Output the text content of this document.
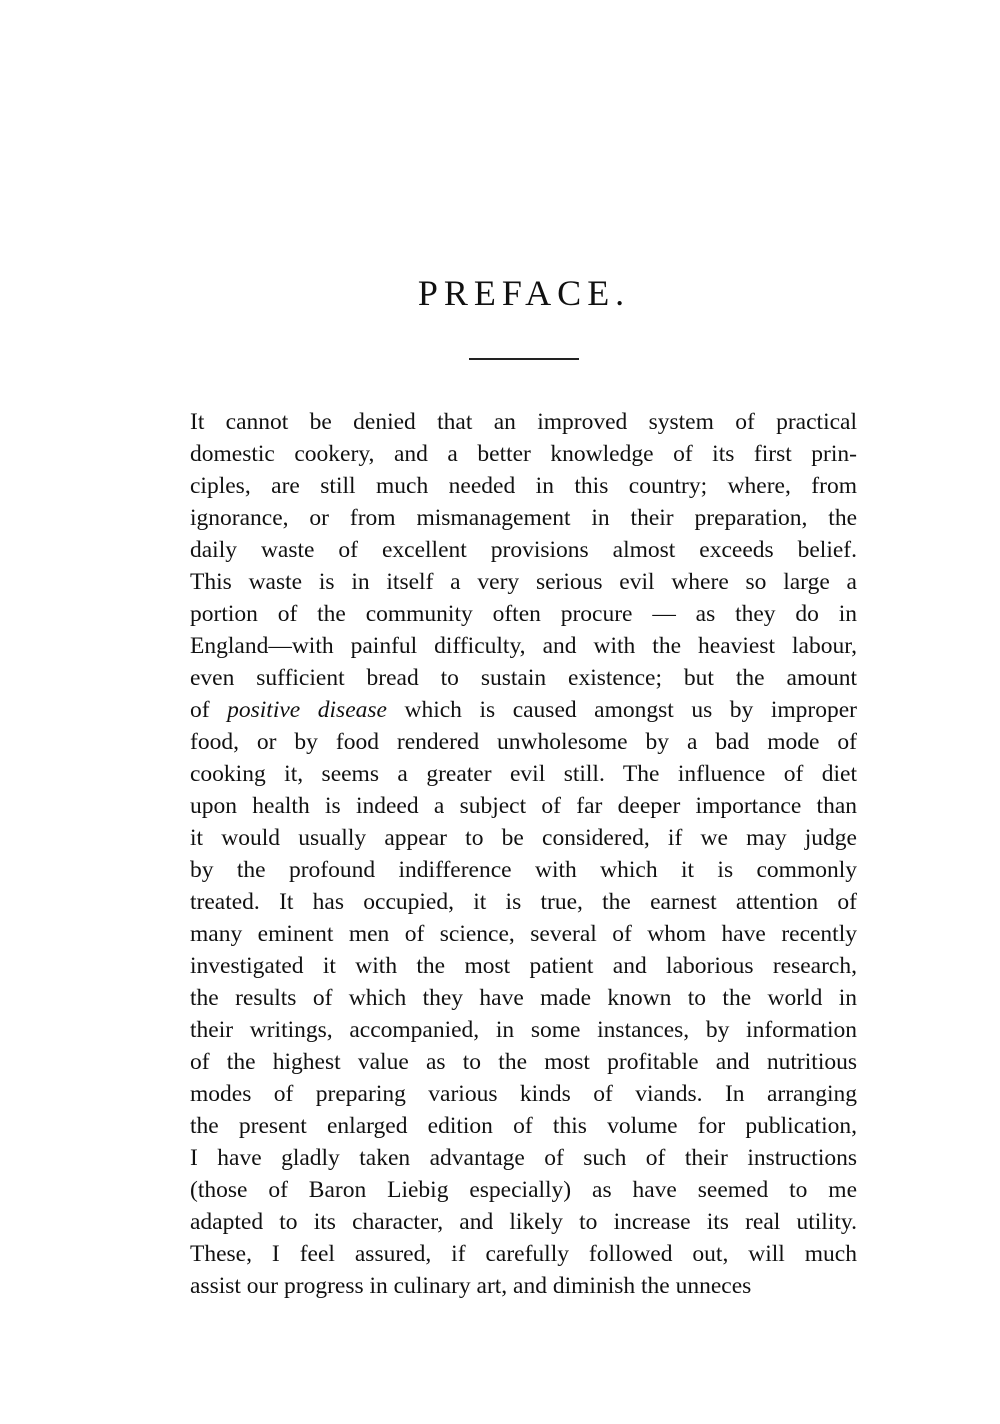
PREFACE.
It cannot be denied that an improved system of practical
domestic cookery, and a better knowledge of its first prin-
ciples, are still much needed in this country; where, from
ignorance, or from mismanagement in their preparation, the
daily waste of excellent provisions almost exceeds belief.
This waste is in itself a very serious evil where so large a
portion of the community often procure — as they do in
England—with painful difficulty, and with the heaviest labour,
even sufficient bread to sustain existence; but the amount
of positive disease which is caused amongst us by improper
food, or by food rendered unwholesome by a bad mode of
cooking it, seems a greater evil still. The influence of diet
upon health is indeed a subject of far deeper importance than
it would usually appear to be considered, if we may judge
by the profound indifference with which it is commonly
treated. It has occupied, it is true, the earnest attention of
many eminent men of science, several of whom have recently
investigated it with the most patient and laborious research,
the results of which they have made known to the world in
their writings, accompanied, in some instances, by information
of the highest value as to the most profitable and nutritious
modes of preparing various kinds of viands. In arranging
the present enlarged edition of this volume for publication,
I have gladly taken advantage of such of their instructions
(those of Baron Liebig especially) as have seemed to me
adapted to its character, and likely to increase its real utility.
These, I feel assured, if carefully followed out, will much
assist our progress in culinary art, and diminish the unneces
